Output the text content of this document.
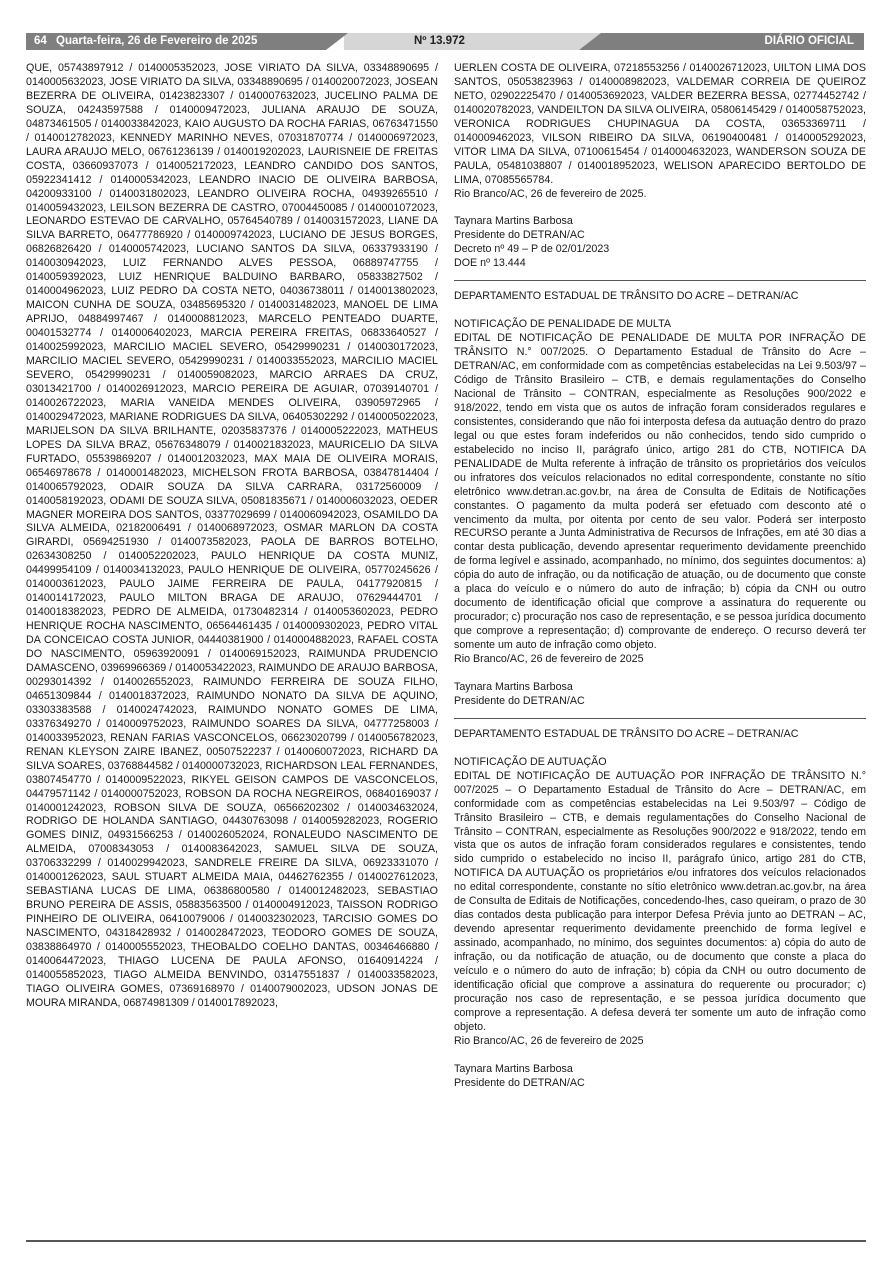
64 Quarta-feira, 26 de Fevereiro de 2025	Nº 13.972	DIÁRIO OFICIAL

QUE, 05743897912 / 0140005352023, JOSE VIRIATO DA SILVA, 03348890695 / 0140005632023, JOSE VIRIATO DA SILVA, 03348890695 / 0140020072023, JOSEAN BEZERRA DE OLIVEIRA, 01423823307 / 0140007632023, JUCELINO PALMA DE SOUZA, 04243597588 / 0140009472023, JULIANA ARAUJO DE SOUZA, 04873461505 / 0140033842023, KAIO AUGUSTO DA ROCHA FARIAS, 06763471550 / 0140012782023, KENNEDY MARINHO NEVES, 07031870774 / 0140006972023, LAURA ARAUJO MELO, 06761236139 / 0140019202023, LAURISNEIE DE FREITAS COSTA, 03660937073 / 0140052172023, LEANDRO CANDIDO DOS SANTOS, 05922341412 / 0140005342023, LEANDRO INACIO DE OLIVEIRA BARBOSA, 04200933100 / 0140031802023, LEANDRO OLIVEIRA ROCHA, 04939265510 / 0140059432023, LEILSON BEZERRA DE CASTRO, 07004450085 / 0140001072023, LEONARDO ESTEVAO DE CARVALHO, 05764540789 / 0140031572023, LIANE DA SILVA BARRETO, 06477786920 / 0140009742023, LUCIANO DE JESUS BORGES, 06826826420 / 0140005742023, LUCIANO SANTOS DA SILVA, 06337933190 / 0140030942023, LUIZ FERNANDO ALVES PESSOA, 06889747755 / 0140059392023, LUIZ HENRIQUE BALDUINO BARBARO, 05833827502 / 0140004962023, LUIZ PEDRO DA COSTA NETO, 04036738011 / 0140013802023, MAICON CUNHA DE SOUZA, 03485695320 / 0140031482023, MANOEL DE LIMA APRIJO, 04884997467 / 0140008812023, MARCELO PENTEADO DUARTE, 00401532774 / 0140006402023, MARCIA PEREIRA FREITAS, 06833640527 / 0140025992023, MARCILIO MACIEL SEVERO, 05429990231 / 0140030172023, MARCILIO MACIEL SEVERO, 05429990231 / 0140033552023, MARCILIO MACIEL SEVERO, 05429990231 / 0140059082023, MARCIO ARRAES DA CRUZ, 03013421700 / 0140026912023, MARCIO PEREIRA DE AGUIAR, 07039140701 / 0140026722023, MARIA VANEIDA MENDES OLIVEIRA, 03905972965 / 0140029472023, MARIANE RODRIGUES DA SILVA, 06405302292 / 0140005022023, MARIJELSON DA SILVA BRILHANTE, 02035837376 / 0140005222023, MATHEUS LOPES DA SILVA BRAZ, 05676348079 / 0140021832023, MAURICELIO DA SILVA FURTADO, 05539869207 / 0140012032023, MAX MAIA DE OLIVEIRA MORAIS, 06546978678 / 0140001482023, MICHELSON FROTA BARBOSA, 03847814404 / 0140065792023, ODAIR SOUZA DA SILVA CARRARA, 03172560009 / 0140058192023, ODAMI DE SOUZA SILVA, 05081835671 / 0140006032023, OEDER MAGNER MOREIRA DOS SANTOS, 03377029699 / 0140060942023, OSAMILDO DA SILVA ALMEIDA, 02182006491 / 0140068972023, OSMAR MARLON DA COSTA GIRARDI, 05694251930 / 0140073582023, PAOLA DE BARROS BOTELHO, 02634308250 / 0140052202023, PAULO HENRIQUE DA COSTA MUNIZ, 04499954109 / 0140034132023, PAULO HENRIQUE DE OLIVEIRA, 05770245626 / 0140003612023, PAULO JAIME FERREIRA DE PAULA, 04177920815 / 0140014172023, PAULO MILTON BRAGA DE ARAUJO, 07629444701 / 0140018382023, PEDRO DE ALMEIDA, 01730482314 / 0140053602023, PEDRO HENRIQUE ROCHA NASCIMENTO, 06564461435 / 0140009302023, PEDRO VITAL DA CONCEICAO COSTA JUNIOR, 04440381900 / 0140004882023, RAFAEL COSTA DO NASCIMENTO, 05963920091 / 0140069152023, RAIMUNDA PRUDENCIO DAMASCENO, 03969966369 / 0140053422023, RAIMUNDO DE ARAUJO BARBOSA, 00293014392 / 0140026552023, RAIMUNDO FERREIRA DE SOUZA FILHO, 04651309844 / 0140018372023, RAIMUNDO NONATO DA SILVA DE AQUINO, 03303383588 / 0140024742023, RAIMUNDO NONATO GOMES DE LIMA, 03376349270 / 0140009752023, RAIMUNDO SOARES DA SILVA, 04777258003 / 0140033952023, RENAN FARIAS VASCONCELOS, 06623020799 / 0140056782023, RENAN KLEYSON ZAIRE IBANEZ, 00507522237 / 0140060072023, RICHARD DA SILVA SOARES, 03768844582 / 0140000732023, RICHARDSON LEAL FERNANDES, 03807454770 / 0140009522023, RIKYEL GEISON CAMPOS DE VASCONCELOS, 04479571142 / 0140000752023, ROBSON DA ROCHA NEGREIROS, 06840169037 / 0140001242023, ROBSON SILVA DE SOUZA, 06566202302 / 0140034632024, RODRIGO DE HOLANDA SANTIAGO, 04430763098 / 0140059282023, ROGERIO GOMES DINIZ, 04931566253 / 0140026052024, RONALEUDO NASCIMENTO DE ALMEIDA, 07008343053 / 0140083642023, SAMUEL SILVA DE SOUZA, 03706332299 / 0140029942023, SANDRELE FREIRE DA SILVA, 06923331070 / 0140001262023, SAUL STUART ALMEIDA MAIA, 04462762355 / 0140027612023, SEBASTIANA LUCAS DE LIMA, 06386800580 / 0140012482023, SEBASTIAO BRUNO PEREIRA DE ASSIS, 05883563500 / 0140004912023, TAISSON RODRIGO PINHEIRO DE OLIVEIRA, 06410079006 / 0140032302023, TARCISIO GOMES DO NASCIMENTO, 04318428932 / 0140028472023, TEODORO GOMES DE SOUZA, 03838864970 / 0140005552023, THEOBALDO COELHO DANTAS, 00346466880 / 0140064472023, THIAGO LUCENA DE PAULA AFONSO, 01640914224 / 0140055852023, TIAGO ALMEIDA BENVINDO, 03147551837 / 0140033582023, TIAGO OLIVEIRA GOMES, 07369168970 / 0140079002023, UDSON JONAS DE MOURA MIRANDA, 06874981309 / 0140017892023,

UERLEN COSTA DE OLIVEIRA, 07218553256 / 0140026712023, UILTON LIMA DOS SANTOS, 05053823963 / 0140008982023, VALDEMAR CORREIA DE QUEIROZ NETO, 02902225470 / 0140053692023, VALDER BEZERRA BESSA, 02774452742 / 0140020782023, VANDEILTON DA SILVA OLIVEIRA, 05806145429 / 0140058752023, VERONICA RODRIGUES CHUPINAGUA DA COSTA, 03653369711 / 0140009462023, VILSON RIBEIRO DA SILVA, 06190400481 / 0140005292023, VITOR LIMA DA SILVA, 07100615454 / 0140004632023, WANDERSON SOUZA DE PAULA, 05481038807 / 0140018952023, WELISON APARECIDO BERTOLDO DE LIMA, 07085565784.

Rio Branco/AC, 26 de fevereiro de 2025.

Taynara Martins Barbosa

Presidente do DETRAN/AC

Decreto nº 49 – P de 02/01/2023

DOE nº 13.444

DEPARTAMENTO ESTADUAL DE TRÂNSITO DO ACRE – DETRAN/AC

NOTIFICAÇÃO DE PENALIDADE DE MULTA

EDITAL DE NOTIFICAÇÃO DE PENALIDADE DE MULTA POR INFRAÇÃO DE TRÂNSITO N.° 007/2025. O Departamento Estadual de Trânsito do Acre – DETRAN/AC, em conformidade com as competências estabelecidas na Lei 9.503/97 – Código de Trânsito Brasileiro – CTB, e demais regulamentações do Conselho Nacional de Trânsito – CONTRAN, especialmente as Resoluções 900/2022 e 918/2022, tendo em vista que os autos de infração foram considerados regulares e consistentes, considerando que não foi interposta defesa da autuação dentro do prazo legal ou que estes foram indeferidos ou não conhecidos, tendo sido cumprido o estabelecido no inciso II, parágrafo único, artigo 281 do CTB, NOTIFICA DA PENALIDADE de Multa referente à infração de trânsito os proprietários dos veículos ou infratores dos veículos relacionados no edital correspondente, constante no sítio eletrônico www.detran.ac.gov.br, na área de Consulta de Editais de Notificações constantes. O pagamento da multa poderá ser efetuado com desconto até o vencimento da multa, por oitenta por cento de seu valor. Poderá ser interposto RECURSO perante a Junta Administrativa de Recursos de Infrações, em até 30 dias a contar desta publicação, devendo apresentar requerimento devidamente preenchido de forma legível e assinado, acompanhado, no mínimo, dos seguintes documentos: a) cópia do auto de infração, ou da notificação de atuação, ou de documento que conste a placa do veículo e o número do auto de infração; b) cópia da CNH ou outro documento de identificação oficial que comprove a assinatura do requerente ou procurador; c) procuração nos caso de representação, e se pessoa jurídica documento que comprove a representação; d) comprovante de endereço. O recurso deverá ter somente um auto de infração como objeto.

Rio Branco/AC, 26 de fevereiro de 2025

Taynara Martins Barbosa

Presidente do DETRAN/AC

DEPARTAMENTO ESTADUAL DE TRÂNSITO DO ACRE – DETRAN/AC

NOTIFICAÇÃO DE AUTUAÇÃO

EDITAL DE NOTIFICAÇÃO DE AUTUAÇÃO POR INFRAÇÃO DE TRÂNSITO N.° 007/2025 – O Departamento Estadual de Trânsito do Acre – DETRAN/AC, em conformidade com as competências estabelecidas na Lei 9.503/97 – Código de Trânsito Brasileiro – CTB, e demais regulamentações do Conselho Nacional de Trânsito – CONTRAN, especialmente as Resoluções 900/2022 e 918/2022, tendo em vista que os autos de infração foram considerados regulares e consistentes, tendo sido cumprido o estabelecido no inciso II, parágrafo único, artigo 281 do CTB, NOTIFICA DA AUTUAÇÃO os proprietários e/ou infratores dos veículos relacionados no edital correspondente, constante no sítio eletrônico www.detran.ac.gov.br, na área de Consulta de Editais de Notificações, concedendo-lhes, caso queiram, o prazo de 30 dias contados desta publicação para interpor Defesa Prévia junto ao DETRAN – AC, devendo apresentar requerimento devidamente preenchido de forma legível e assinado, acompanhado, no mínimo, dos seguintes documentos: a) cópia do auto de infração, ou da notificação de atuação, ou de documento que conste a placa do veículo e o número do auto de infração; b) cópia da CNH ou outro documento de identificação oficial que comprove a assinatura do requerente ou procurador; c) procuração nos caso de representação, e se pessoa jurídica documento que comprove a representação. A defesa deverá ter somente um auto de infração como objeto.

Rio Branco/AC, 26 de fevereiro de 2025

Taynara Martins Barbosa

Presidente do DETRAN/AC
